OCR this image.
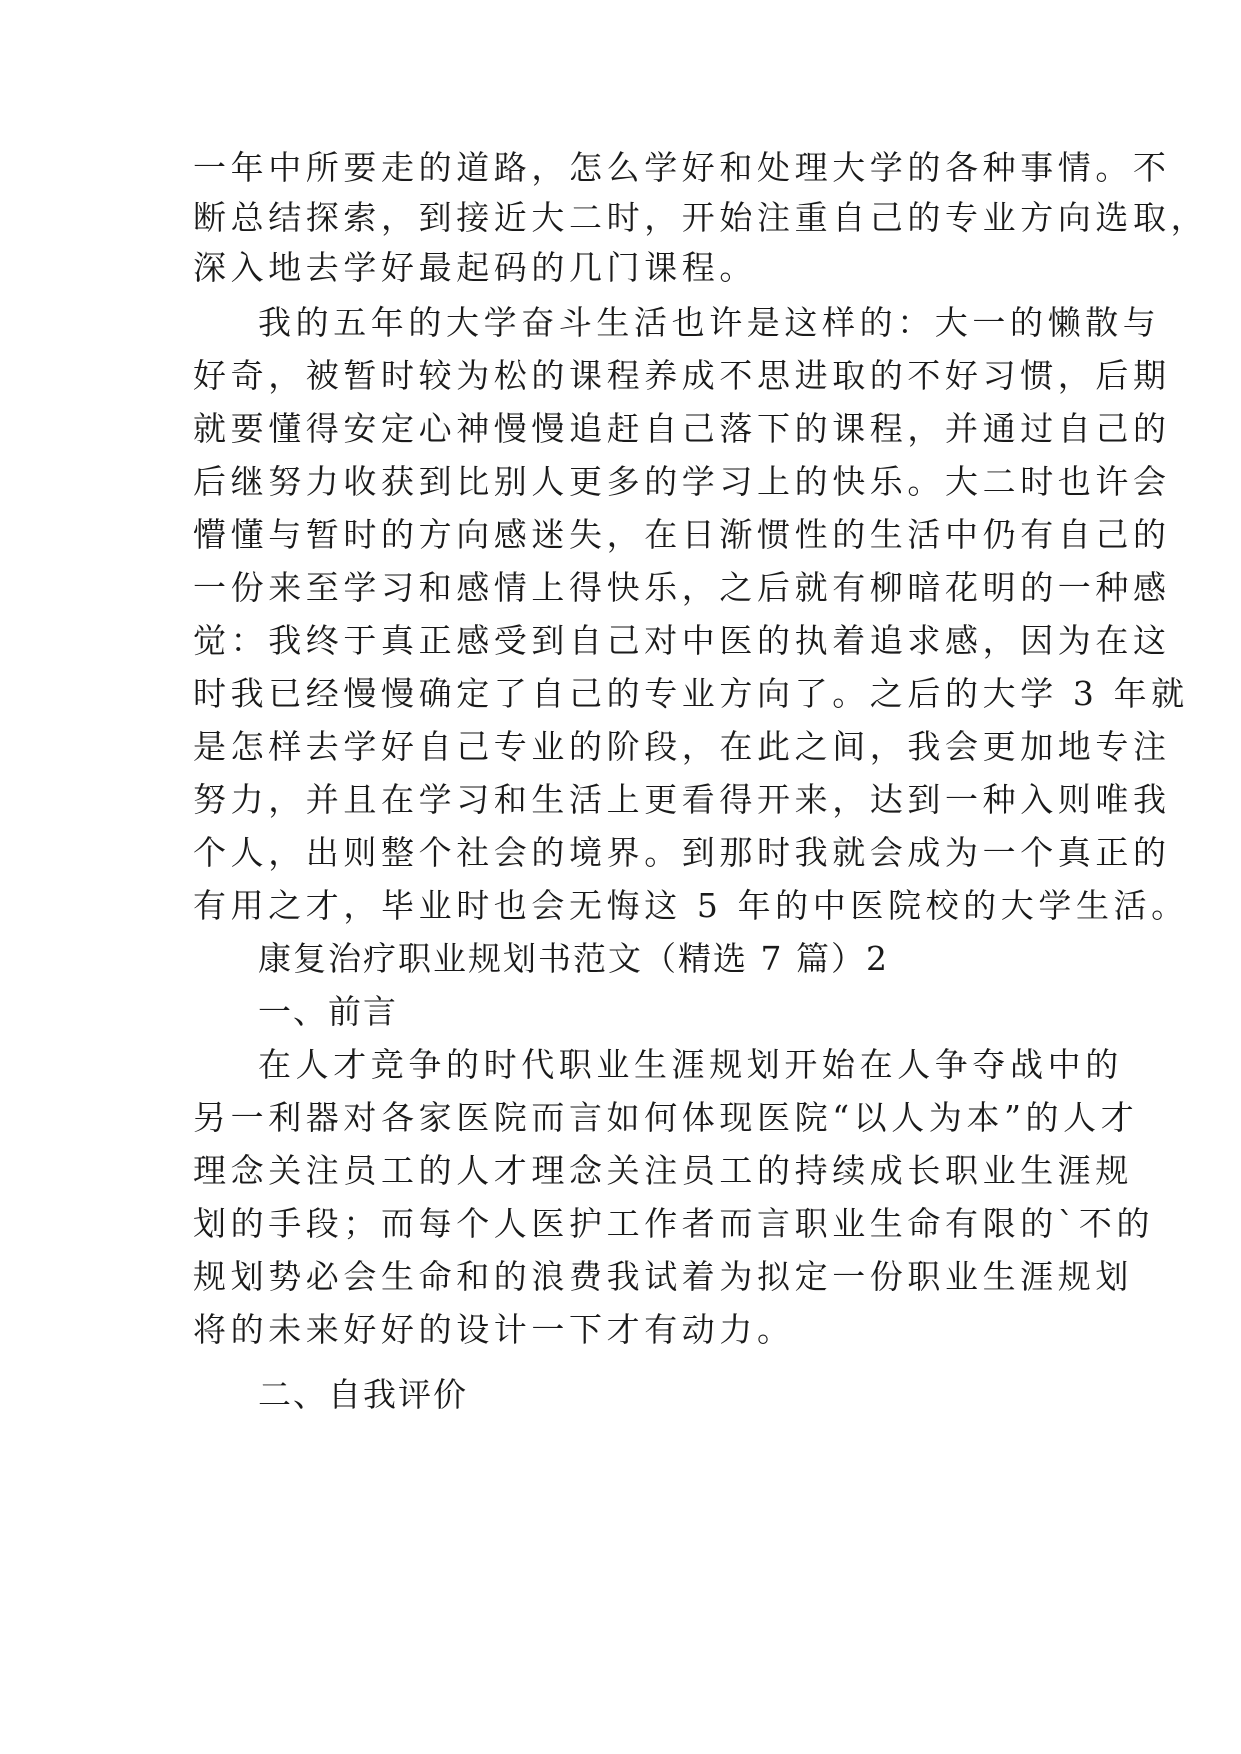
一年中所要走的道路，怎么学好和处理大学的各种事情。不
断总结探索，到接近大二时，开始注重自己的专业方向选取，
深入地去学好最起码的几门课程。
我的五年的大学奋斗生活也许是这样的：大一的懒散与
好奇，被暂时较为松的课程养成不思进取的不好习惯，后期
就要懂得安定心神慢慢追赶自己落下的课程，并通过自己的
后继努力收获到比别人更多的学习上的快乐。大二时也许会
懵懂与暂时的方向感迷失，在日渐惯性的生活中仍有自己的
一份来至学习和感情上得快乐，之后就有柳暗花明的一种感
觉：我终于真正感受到自己对中医的执着追求感，因为在这
时我已经慢慢确定了自己的专业方向了。之后的大学 3 年就
是怎样去学好自己专业的阶段，在此之间，我会更加地专注
努力，并且在学习和生活上更看得开来，达到一种入则唯我
个人，出则整个社会的境界。到那时我就会成为一个真正的
有用之才，毕业时也会无悔这 5 年的中医院校的大学生活。
康复治疗职业规划书范文（精选 7 篇）2
一、前言
在人才竞争的时代职业生涯规划开始在人争夺战中的
另一利器对各家医院而言如何体现医院“以人为本”的人才
理念关注员工的人才理念关注员工的持续成长职业生涯规
划的手段；而每个人医护工作者而言职业生命有限的`不的
规划势必会生命和的浪费我试着为拟定一份职业生涯规划
将的未来好好的设计一下才有动力。
二、自我评价
